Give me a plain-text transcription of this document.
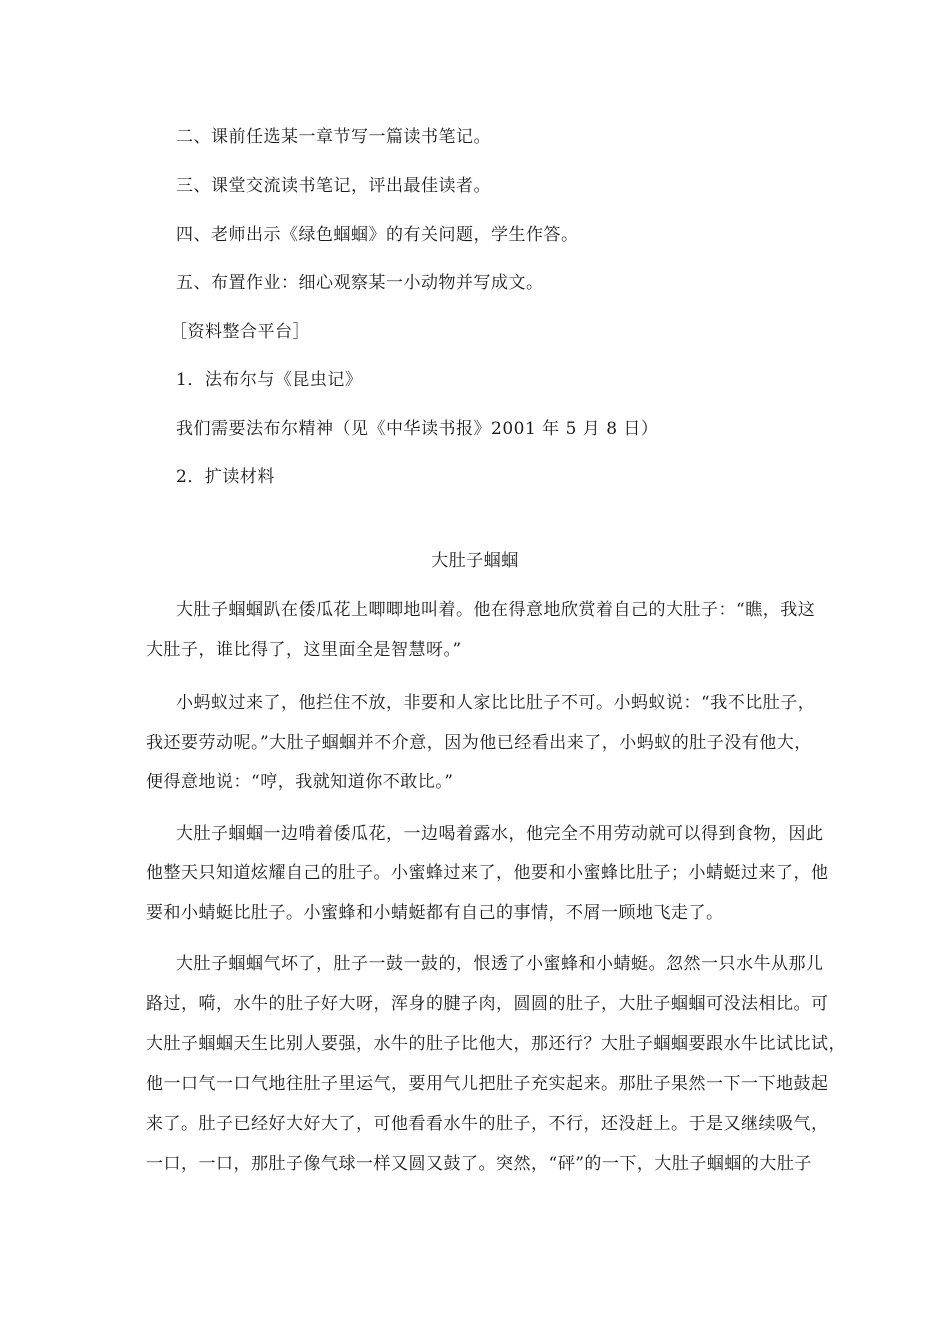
二、课前任选某一章节写一篇读书笔记。
三、课堂交流读书笔记，评出最佳读者。
四、老师出示《绿色蝈蝈》的有关问题，学生作答。
五、布置作业：细心观察某一小动物并写成文。
［资料整合平台］
1．法布尔与《昆虫记》
我们需要法布尔精神（见《中华读书报》2001 年 5 月 8 日）
2．扩读材料
大肚子蝈蝈
大肚子蝈蝈趴在倭瓜花上唧唧地叫着。他在得意地欣赏着自己的大肚子：“瞧，我这
大肚子，谁比得了，这里面全是智慧呀。”
小蚂蚁过来了，他拦住不放，非要和人家比比肚子不可。小蚂蚁说：“我不比肚子，
我还要劳动呢。”大肚子蝈蝈并不介意，因为他已经看出来了，小蚂蚁的肚子没有他大，
便得意地说：“哼，我就知道你不敢比。”
大肚子蝈蝈一边啃着倭瓜花，一边喝着露水，他完全不用劳动就可以得到食物，因此
他整天只知道炫耀自己的肚子。小蜜蜂过来了，他要和小蜜蜂比肚子；小蜻蜓过来了，他
要和小蜻蜓比肚子。小蜜蜂和小蜻蜓都有自己的事情，不屑一顾地飞走了。
大肚子蝈蝈气坏了，肚子一鼓一鼓的，恨透了小蜜蜂和小蜻蜓。忽然一只水牛从那儿
路过，嗬，水牛的肚子好大呀，浑身的腱子肉，圆圆的肚子，大肚子蝈蝈可没法相比。可
大肚子蝈蝈天生比别人要强，水牛的肚子比他大，那还行？大肚子蝈蝈要跟水牛比试比试，
他一口气一口气地往肚子里运气，要用气儿把肚子充实起来。那肚子果然一下一下地鼓起
来了。肚子已经好大好大了，可他看看水牛的肚子，不行，还没赶上。于是又继续吸气，
一口，一口，那肚子像气球一样又圆又鼓了。突然，“砰”的一下，大肚子蝈蝈的大肚子
